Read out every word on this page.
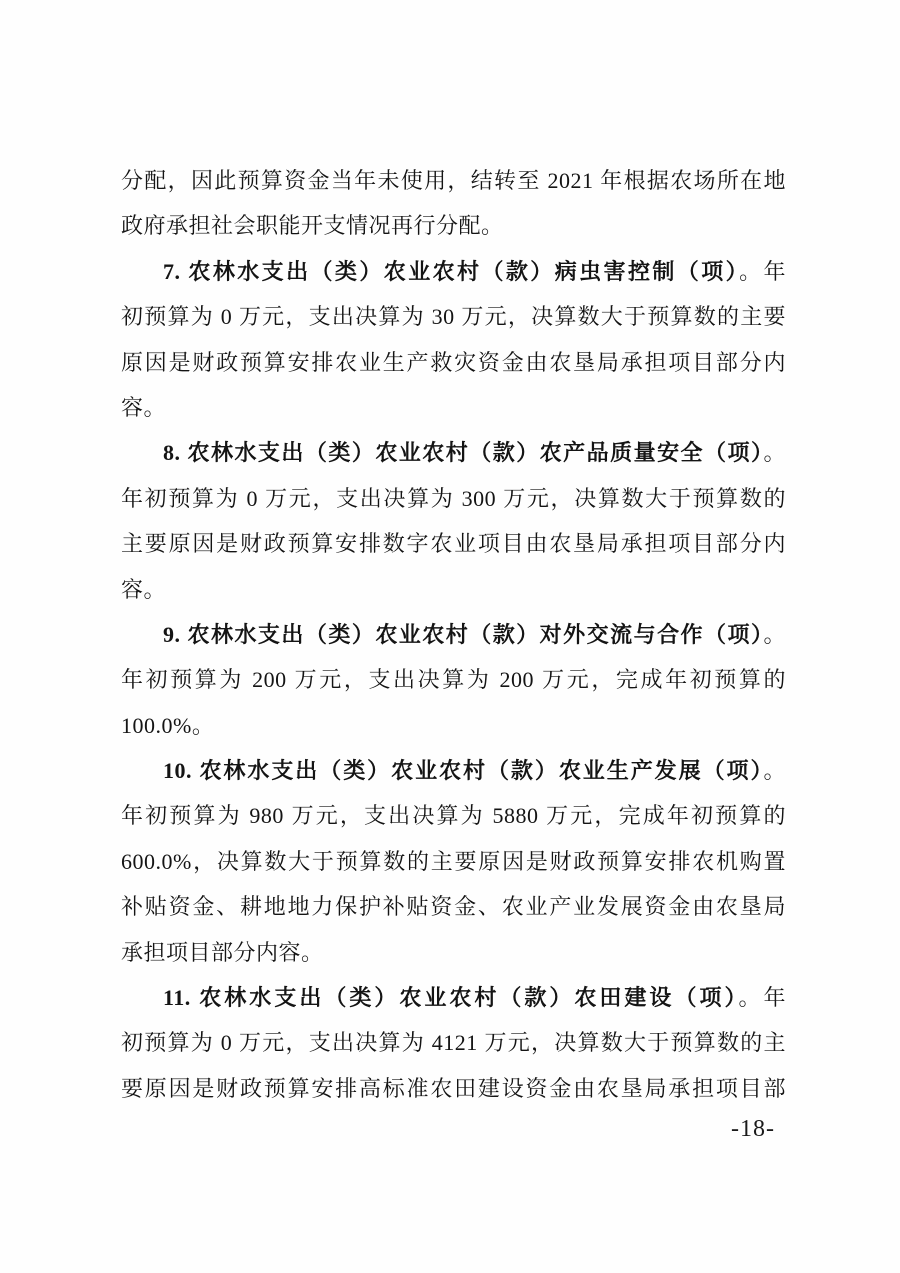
分配，因此预算资金当年未使用，结转至 2021 年根据农场所在地
政府承担社会职能开支情况再行分配。
7. 农林水支出（类）农业农村（款）病虫害控制（项）。年
初预算为 0 万元，支出决算为 30 万元，决算数大于预算数的主要
原因是财政预算安排农业生产救灾资金由农垦局承担项目部分内
容。
8. 农林水支出（类）农业农村（款）农产品质量安全（项）。
年初预算为 0 万元，支出决算为 300 万元，决算数大于预算数的
主要原因是财政预算安排数字农业项目由农垦局承担项目部分内
容。
9. 农林水支出（类）农业农村（款）对外交流与合作（项）。
年初预算为 200 万元，支出决算为 200 万元，完成年初预算的
100.0%。
10. 农林水支出（类）农业农村（款）农业生产发展（项）。
年初预算为 980 万元，支出决算为 5880 万元，完成年初预算的
600.0%，决算数大于预算数的主要原因是财政预算安排农机购置
补贴资金、耕地地力保护补贴资金、农业产业发展资金由农垦局
承担项目部分内容。
11. 农林水支出（类）农业农村（款）农田建设（项）。年
初预算为 0 万元，支出决算为 4121 万元，决算数大于预算数的主
要原因是财政预算安排高标准农田建设资金由农垦局承担项目部
-18-
